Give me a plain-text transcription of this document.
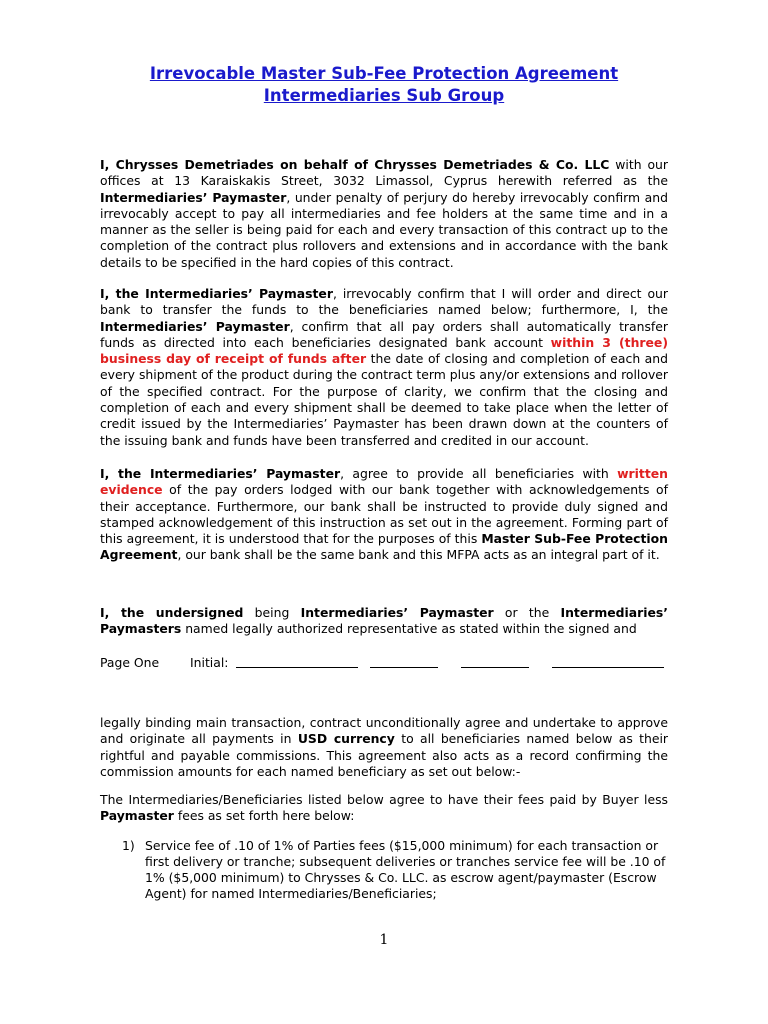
Irrevocable Master Sub-Fee Protection Agreement
Intermediaries Sub Group

I, Chrysses Demetriades on behalf of Chrysses Demetriades & Co. LLC with our offices at 13 Karaiskakis Street, 3032 Limassol, Cyprus herewith referred as the Intermediaries’ Paymaster, under penalty of perjury do hereby irrevocably confirm and irrevocably accept to pay all intermediaries and fee holders at the same time and in a manner as the seller is being paid for each and every transaction of this contract up to the completion of the contract plus rollovers and extensions and in accordance with the bank details to be specified in the hard copies of this contract.

I, the Intermediaries’ Paymaster, irrevocably confirm that I will order and direct our bank to transfer the funds to the beneficiaries named below; furthermore, I, the Intermediaries’ Paymaster, confirm that all pay orders shall automatically transfer funds as directed into each beneficiaries designated bank account within 3 (three) business day of receipt of funds after the date of closing and completion of each and every shipment of the product during the contract term plus any/or extensions and rollover of the specified contract. For the purpose of clarity, we confirm that the closing and completion of each and every shipment shall be deemed to take place when the letter of credit issued by the Intermediaries’ Paymaster has been drawn down at the counters of the issuing bank and funds have been transferred and credited in our account.

I, the Intermediaries’ Paymaster, agree to provide all beneficiaries with written evidence of the pay orders lodged with our bank together with acknowledgements of their acceptance. Furthermore, our bank shall be instructed to provide duly signed and stamped acknowledgement of this instruction as set out in the agreement. Forming part of this agreement, it is understood that for the purposes of this Master Sub-Fee Protection Agreement, our bank shall be the same bank and this MFPA acts as an integral part of it.

I, the undersigned being Intermediaries’ Paymaster or the Intermediaries’ Paymasters named legally authorized representative as stated within the signed and

Page One Initial:

legally binding main transaction, contract unconditionally agree and undertake to approve and originate all payments in USD currency to all beneficiaries named below as their rightful and payable commissions. This agreement also acts as a record confirming the commission amounts for each named beneficiary as set out below:-

The Intermediaries/Beneficiaries listed below agree to have their fees paid by Buyer less Paymaster fees as set forth here below:

1) Service fee of .10 of 1% of Parties fees ($15,000 minimum) for each transaction or first delivery or tranche; subsequent deliveries or tranches service fee will be .10 of 1% ($5,000 minimum) to Chrysses & Co. LLC. as escrow agent/paymaster (Escrow Agent) for named Intermediaries/Beneficiaries;
1
